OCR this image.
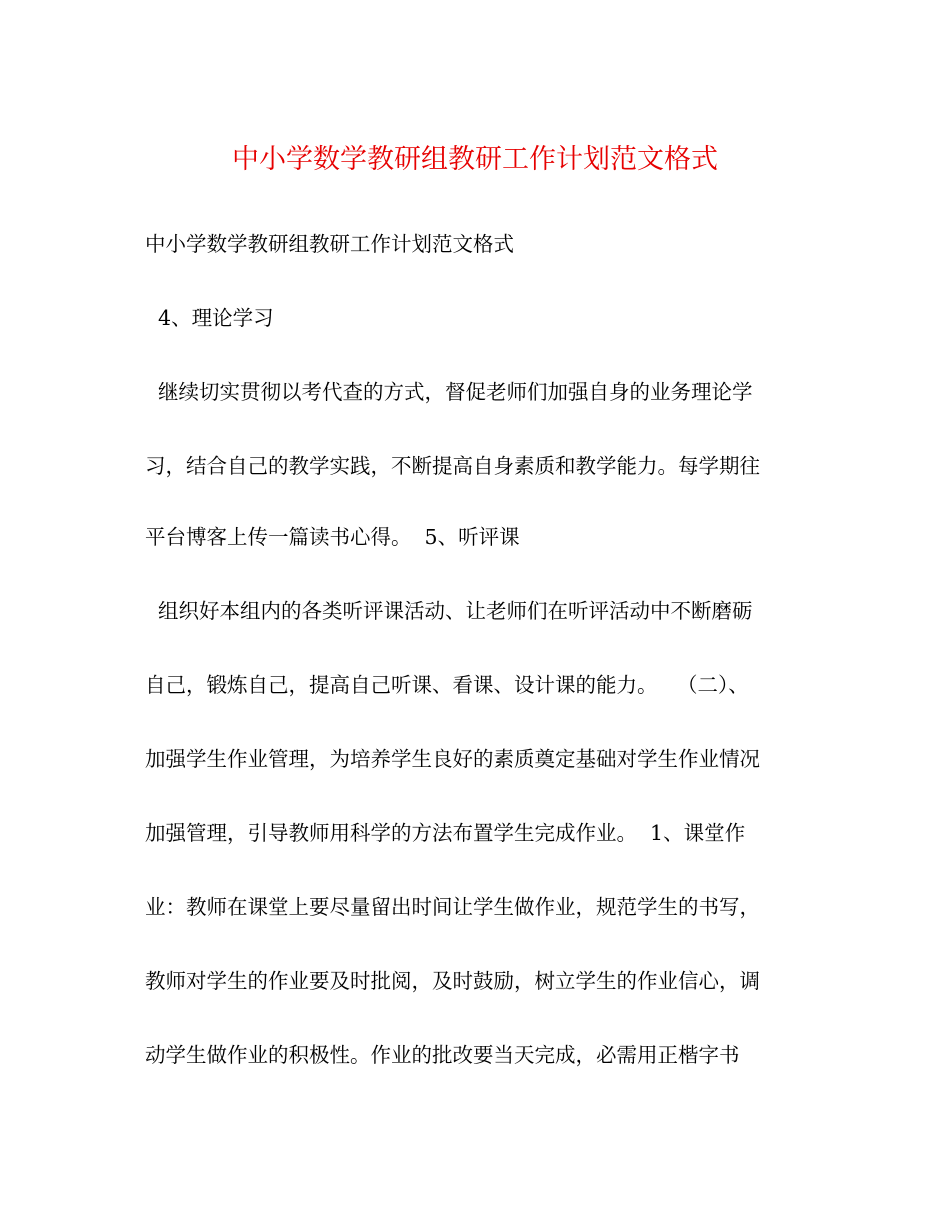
中小学数学教研组教研工作计划范文格式
中小学数学教研组教研工作计划范文格式
4、理论学习
继续切实贯彻以考代查的方式，督促老师们加强自身的业务理论学
习，结合自己的教学实践，不断提高自身素质和教学能力。每学期往
平台博客上传一篇读书心得。  5、听评课
组织好本组内的各类听评课活动、让老师们在听评活动中不断磨砺
自己，锻炼自己，提高自己听课、看课、设计课的能力。   （二）、
加强学生作业管理，为培养学生良好的素质奠定基础对学生作业情况
加强管理，引导教师用科学的方法布置学生完成作业。  1、课堂作
业：教师在课堂上要尽量留出时间让学生做作业，规范学生的书写，
教师对学生的作业要及时批阅，及时鼓励，树立学生的作业信心，调
动学生做作业的积极性。作业的批改要当天完成，必需用正楷字书
